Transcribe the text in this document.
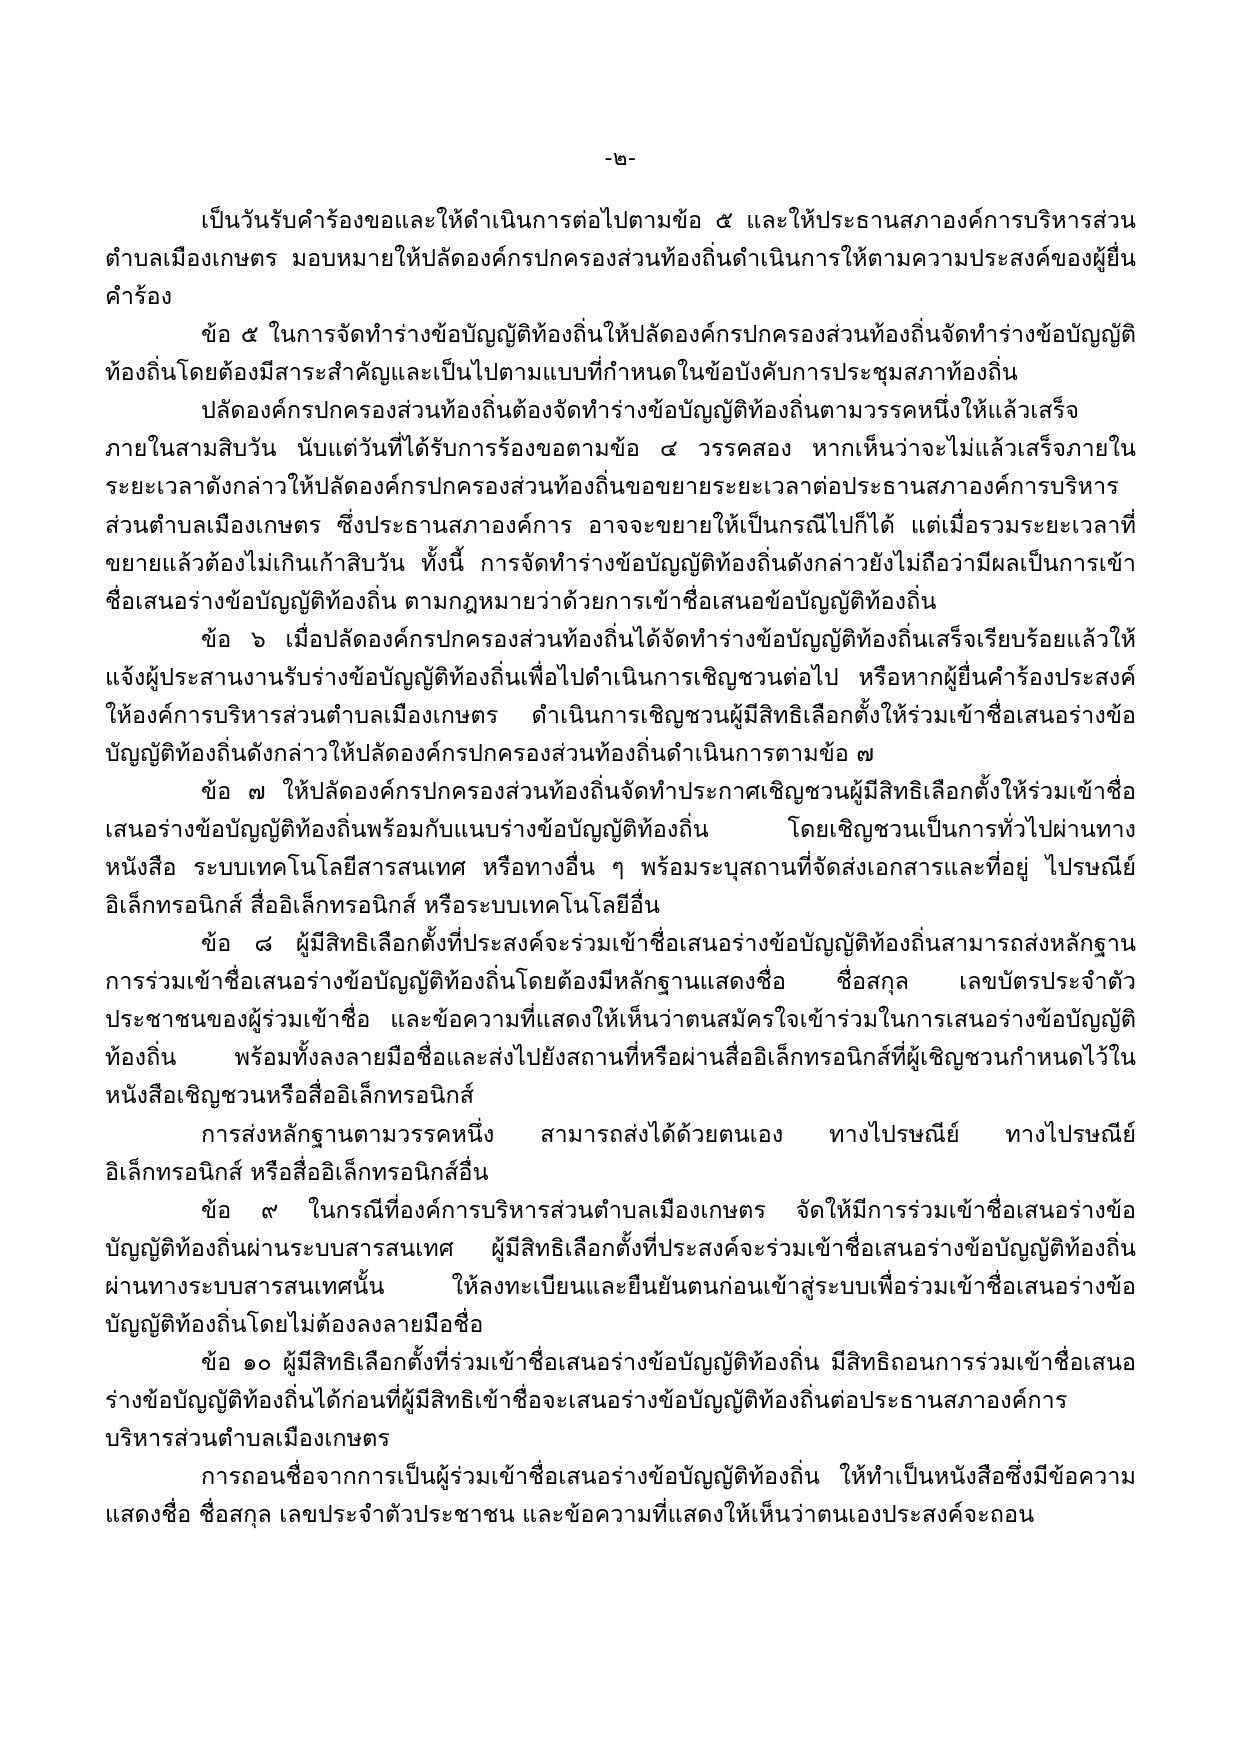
-๒-

เป็นวันรับคำร้องขอและให้ดำเนินการต่อไปตามข้อ ๕ และให้ประธานสภาองค์การบริหารส่วนตำบลเมืองเกษตร มอบหมายให้ปลัดองค์กรปกครองส่วนท้องถิ่นดำเนินการให้ตามความประสงค์ของผู้ยื่นคำร้อง

ข้อ ๕ ในการจัดทำร่างข้อบัญญัติท้องถิ่นให้ปลัดองค์กรปกครองส่วนท้องถิ่นจัดทำร่างข้อบัญญัติท้องถิ่นโดยต้องมีสาระสำคัญและเป็นไปตามแบบที่กำหนดในข้อบังคับการประชุมสภาท้องถิ่น

ปลัดองค์กรปกครองส่วนท้องถิ่นต้องจัดทำร่างข้อบัญญัติท้องถิ่นตามวรรคหนึ่งให้แล้วเสร็จภายในสามสิบวัน นับแต่วันที่ได้รับการร้องขอตามข้อ ๔ วรรคสอง หากเห็นว่าจะไม่แล้วเสร็จภายในระยะเวลาดังกล่าวให้ปลัดองค์กรปกครองส่วนท้องถิ่นขอขยายระยะเวลาต่อประธานสภาองค์การบริหารส่วนตำบลเมืองเกษตร ซึ่งประธานสภาองค์การ อาจจะขยายให้เป็นกรณีไปก็ได้ แต่เมื่อรวมระยะเวลาที่ขยายแล้วต้องไม่เกินเก้าสิบวัน ทั้งนี้ การจัดทำร่างข้อบัญญัติท้องถิ่นดังกล่าวยังไม่ถือว่ามีผลเป็นการเข้าชื่อเสนอร่างข้อบัญญัติท้องถิ่น ตามกฎหมายว่าด้วยการเข้าชื่อเสนอข้อบัญญัติท้องถิ่น

ข้อ ๖ เมื่อปลัดองค์กรปกครองส่วนท้องถิ่นได้จัดทำร่างข้อบัญญัติท้องถิ่นเสร็จเรียบร้อยแล้วให้แจ้งผู้ประสานงานรับร่างข้อบัญญัติท้องถิ่นเพื่อไปดำเนินการเชิญชวนต่อไป หรือหากผู้ยื่นคำร้องประสงค์ให้องค์การบริหารส่วนตำบลเมืองเกษตร ดำเนินการเชิญชวนผู้มีสิทธิเลือกตั้งให้ร่วมเข้าชื่อเสนอร่างข้อบัญญัติท้องถิ่นดังกล่าวให้ปลัดองค์กรปกครองส่วนท้องถิ่นดำเนินการตามข้อ ๗

ข้อ ๗ ให้ปลัดองค์กรปกครองส่วนท้องถิ่นจัดทำประกาศเชิญชวนผู้มีสิทธิเลือกตั้งให้ร่วมเข้าชื่อเสนอร่างข้อบัญญัติท้องถิ่นพร้อมกับแนบร่างข้อบัญญัติท้องถิ่น โดยเชิญชวนเป็นการทั่วไปผ่านทางหนังสือ ระบบเทคโนโลยีสารสนเทศ หรือทางอื่น ๆ พร้อมระบุสถานที่จัดส่งเอกสารและที่อยู่ ไปรษณีย์อิเล็กทรอนิกส์ สื่ออิเล็กทรอนิกส์ หรือระบบเทคโนโลยีอื่น

ข้อ ๘ ผู้มีสิทธิเลือกตั้งที่ประสงค์จะร่วมเข้าชื่อเสนอร่างข้อบัญญัติท้องถิ่นสามารถส่งหลักฐานการร่วมเข้าชื่อเสนอร่างข้อบัญญัติท้องถิ่นโดยต้องมีหลักฐานแสดงชื่อ ชื่อสกุล เลขบัตรประจำตัวประชาชนของผู้ร่วมเข้าชื่อ และข้อความที่แสดงให้เห็นว่าตนสมัครใจเข้าร่วมในการเสนอร่างข้อบัญญัติท้องถิ่น พร้อมทั้งลงลายมือชื่อและส่งไปยังสถานที่หรือผ่านสื่ออิเล็กทรอนิกส์ที่ผู้เชิญชวนกำหนดไว้ในหนังสือเชิญชวนหรือสื่ออิเล็กทรอนิกส์

การส่งหลักฐานตามวรรคหนึ่ง สามารถส่งได้ด้วยตนเอง ทางไปรษณีย์ ทางไปรษณีย์อิเล็กทรอนิกส์ หรือสื่ออิเล็กทรอนิกส์อื่น

ข้อ ๙ ในกรณีที่องค์การบริหารส่วนตำบลเมืองเกษตร จัดให้มีการร่วมเข้าชื่อเสนอร่างข้อบัญญัติท้องถิ่นผ่านระบบสารสนเทศ ผู้มีสิทธิเลือกตั้งที่ประสงค์จะร่วมเข้าชื่อเสนอร่างข้อบัญญัติท้องถิ่นผ่านทางระบบสารสนเทศนั้น ให้ลงทะเบียนและยืนยันตนก่อนเข้าสู่ระบบเพื่อร่วมเข้าชื่อเสนอร่างข้อบัญญัติท้องถิ่นโดยไม่ต้องลงลายมือชื่อ

ข้อ ๑๐ ผู้มีสิทธิเลือกตั้งที่ร่วมเข้าชื่อเสนอร่างข้อบัญญัติท้องถิ่น มีสิทธิถอนการร่วมเข้าชื่อเสนอร่างข้อบัญญัติท้องถิ่นได้ก่อนที่ผู้มีสิทธิเข้าชื่อจะเสนอร่างข้อบัญญัติท้องถิ่นต่อประธานสภาองค์การบริหารส่วนตำบลเมืองเกษตร

การถอนชื่อจากการเป็นผู้ร่วมเข้าชื่อเสนอร่างข้อบัญญัติท้องถิ่น ให้ทำเป็นหนังสือซึ่งมีข้อความแสดงชื่อ ชื่อสกุล เลขประจำตัวประชาชน และข้อความที่แสดงให้เห็นว่าตนเองประสงค์จะถอน
